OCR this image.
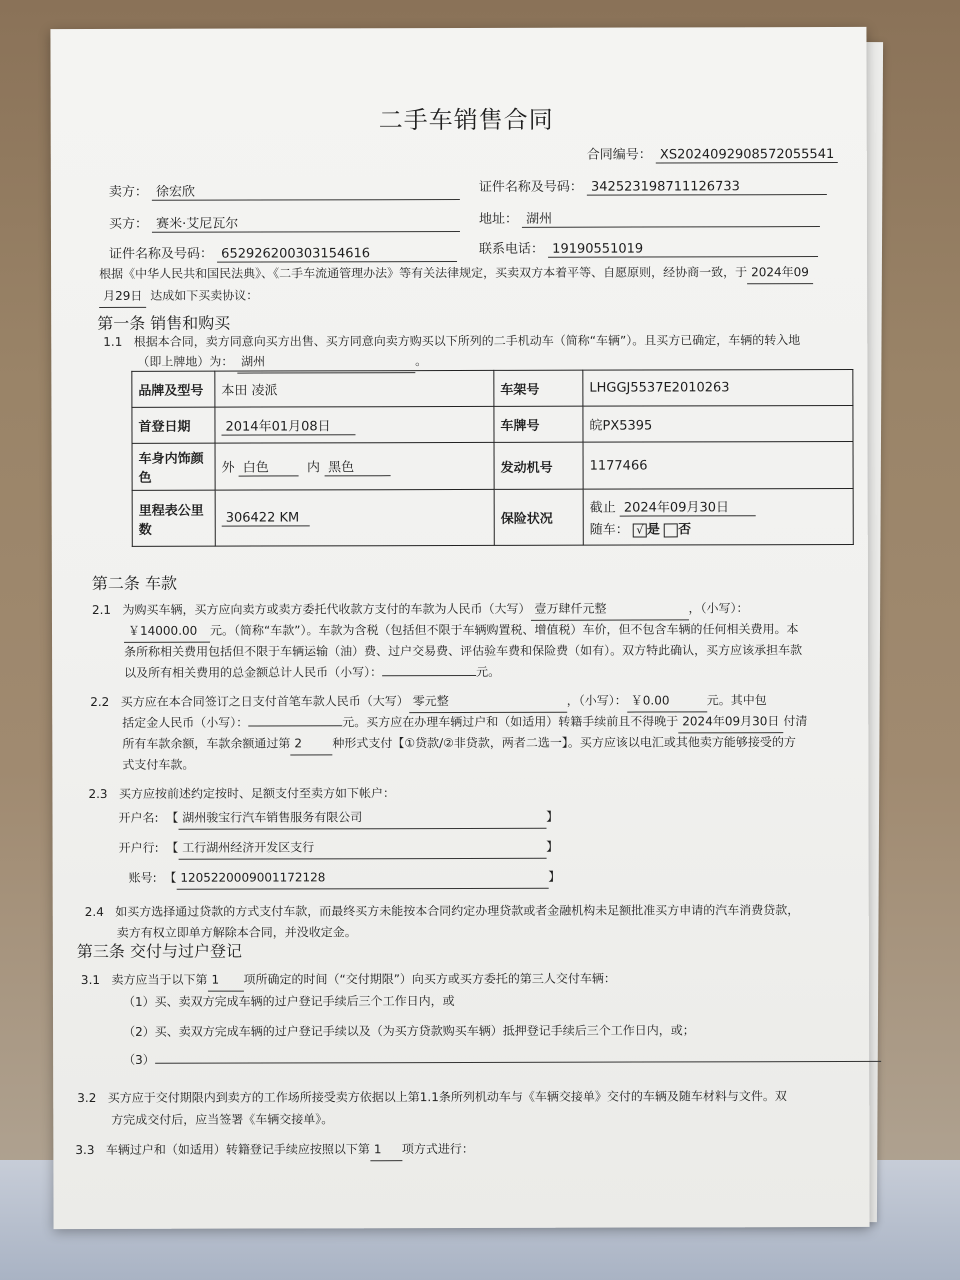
二手车销售合同
合同编号： XS2024092908572055541
卖方： 徐宏欣	证件名称及号码： 342523198711126733
买方： 赛米·艾尼瓦尔	地址： 湖州
证件名称及号码： 652926200303154616	联系电话： 19190551019
根据《中华人民共和国民法典》、《二手车流通管理办法》等有关法律规定，买卖双方本着平等、自愿原则，经协商一致，于 2024年09
月29日 达成如下买卖协议：
第一条 销售和购买
1.1 根据本合同，卖方同意向买方出售、买方同意向卖方购买以下所列的二手机动车（简称“车辆”）。且买方已确定，车辆的转入地
（即上牌地）为： 湖州	。
品牌及型号	本田 凌派	车架号	LHGGJ5537E2010263
首登日期	2014年01月08日	车牌号	皖PX5395
车身内饰颜色	外 白色 内 黑色	发动机号	1177466
里程表公里数	306422 KM	保险状况	截止 2024年09月30日
随车： √ 是 否
第二条 车款
2.1 为购买车辆，买方应向卖方或卖方委托代收款方支付的车款为人民币（大写） 壹万肆仟元整	，（小写）：
￥14000.00 元。（简称“车款”）。车款为含税（包括但不限于车辆购置税、增值税）车价，但不包含车辆的任何相关费用。本
条所称相关费用包括但不限于车辆运输（油）费、过户交易费、评估验车费和保险费（如有）。双方特此确认，买方应该承担车款
以及所有相关费用的总金额总计人民币（小写）：	元。
2.2 买方应在本合同签订之日支付首笔车款人民币（大写） 零元整	，（小写）： ￥0.00	元。其中包
括定金人民币（小写）：	元。买方应在办理车辆过户和（如适用）转籍手续前且不得晚于 2024年09月30日 付清
所有车款余额，车款余额通过第 2	种形式支付【①贷款/②非贷款，两者二选一】。买方应该以电汇或其他卖方能够接受的方
式支付车款。
2.3 买方应按前述约定按时、足额支付至卖方如下帐户：
开户名: 【 湖州骏宝行汽车销售服务有限公司	】
开户行: 【 工行湖州经济开发区支行	】
账号: 【 1205220009001172128	】
2.4 如买方选择通过贷款的方式支付车款，而最终买方未能按本合同约定办理贷款或者金融机构未足额批准买方申请的汽车消费贷款，
卖方有权立即单方解除本合同，并没收定金。
第三条 交付与过户登记
3.1 卖方应当于以下第 1 项所确定的时间（“交付期限”）向买方或买方委托的第三人交付车辆：
（1）买、卖双方完成车辆的过户登记手续后三个工作日内，或
（2）买、卖双方完成车辆的过户登记手续以及（为买方贷款购买车辆）抵押登记手续后三个工作日内，或；
（3）
3.2 买方应于交付期限内到卖方的工作场所接受卖方依据以上第1.1条所列机动车与《车辆交接单》交付的车辆及随车材料与文件。双
方完成交付后，应当签署《车辆交接单》。
3.3 车辆过户和（如适用）转籍登记手续应按照以下第 1 项方式进行：
